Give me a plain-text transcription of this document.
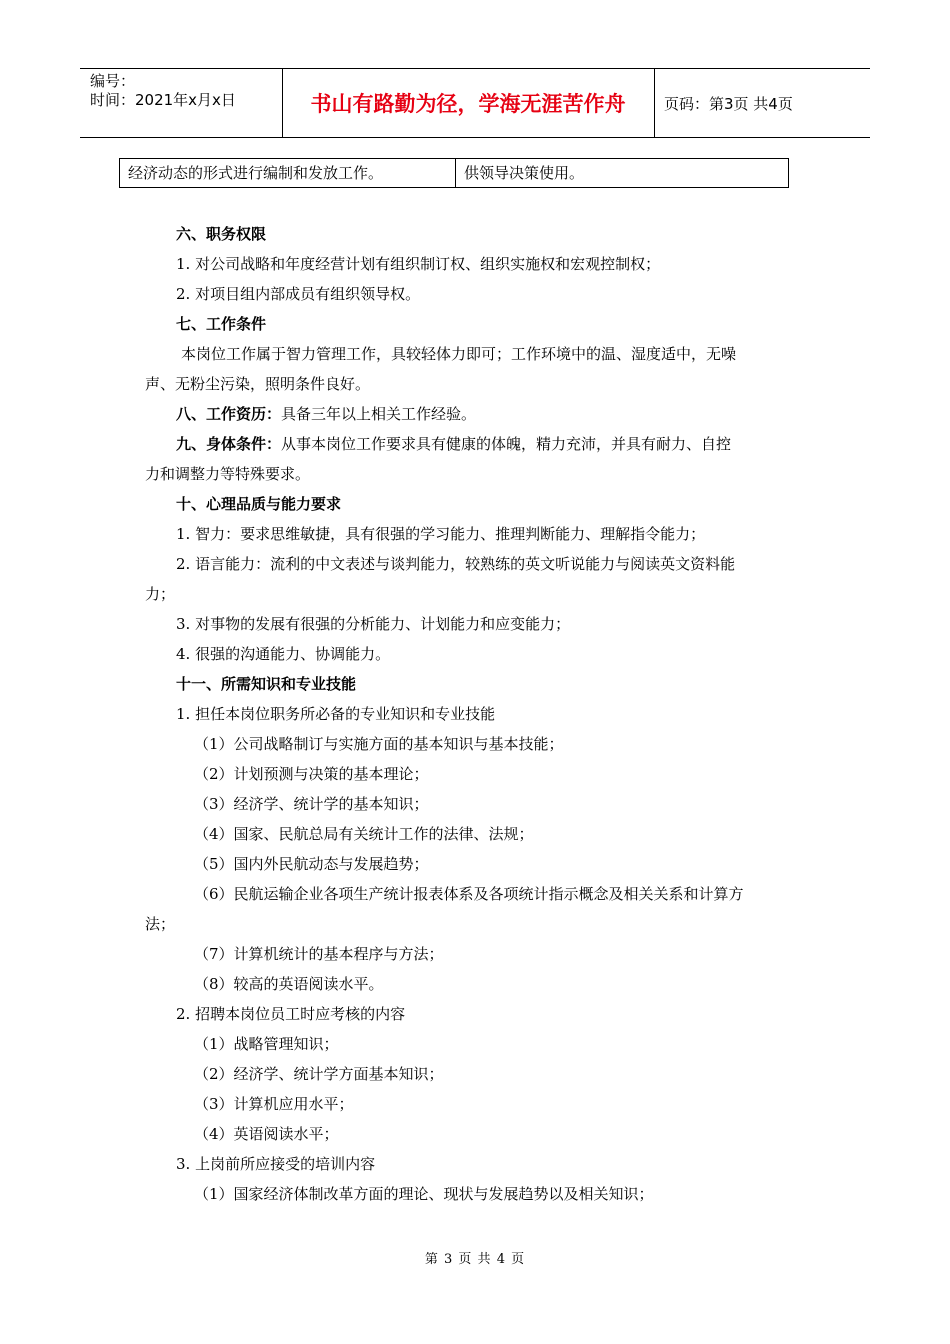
编号：
时间：2021年x月x日	书山有路勤为径，学海无涯苦作舟	页码：第3页 共4页
经济动态的形式进行编制和发放工作。	供领导决策使用。
六、职务权限
1. 对公司战略和年度经营计划有组织制订权、组织实施权和宏观控制权；
2. 对项目组内部成员有组织领导权。
七、工作条件
本岗位工作属于智力管理工作，具较轻体力即可；工作环境中的温、湿度适中，无噪
声、无粉尘污染，照明条件良好。
八、工作资历：具备三年以上相关工作经验。
九、身体条件：从事本岗位工作要求具有健康的体魄，精力充沛，并具有耐力、自控
力和调整力等特殊要求。
十、心理品质与能力要求
1. 智力：要求思维敏捷，具有很强的学习能力、推理判断能力、理解指令能力；
2. 语言能力：流利的中文表述与谈判能力，较熟练的英文听说能力与阅读英文资料能
力；
3. 对事物的发展有很强的分析能力、计划能力和应变能力；
4. 很强的沟通能力、协调能力。
十一、所需知识和专业技能
1. 担任本岗位职务所必备的专业知识和专业技能
（1）公司战略制订与实施方面的基本知识与基本技能；
（2）计划预测与决策的基本理论；
（3）经济学、统计学的基本知识；
（4）国家、民航总局有关统计工作的法律、法规；
（5）国内外民航动态与发展趋势；
（6）民航运输企业各项生产统计报表体系及各项统计指示概念及相关关系和计算方
法；
（7）计算机统计的基本程序与方法；
（8）较高的英语阅读水平。
2. 招聘本岗位员工时应考核的内容
（1）战略管理知识；
（2）经济学、统计学方面基本知识；
（3）计算机应用水平；
（4）英语阅读水平；
3. 上岗前所应接受的培训内容
（1）国家经济体制改革方面的理论、现状与发展趋势以及相关知识；
第 3 页 共 4 页
